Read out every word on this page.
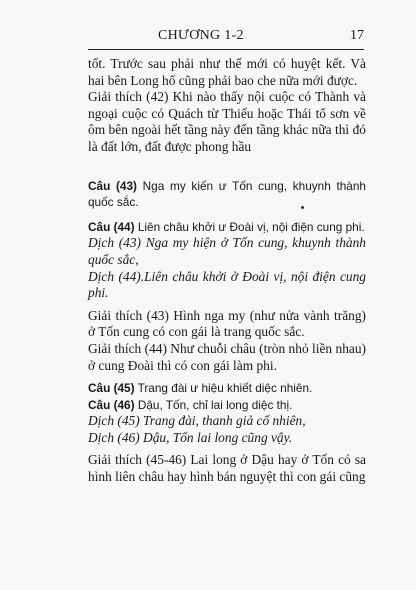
CHƯƠNG 1-2	17

tốt. Trước sau phải như thế mới có huyệt kết. Và hai bên Long hổ cũng phải bao che nữa mới được.

Giải thích (42) Khi nào thấy nội cuộc có Thành và ngoại cuộc có Quách từ Thiếu hoặc Thái tổ sơn về ôm bên ngoài hết tầng này đến tầng khác nữa thì đó là đất lớn, đất được phong hầu

Câu (43) Nga my kiến ư Tốn cung, khuynh thành quốc sắc.

Câu (44) Liên châu khởi ư Đoài vị, nội điện cung phi.

Dịch (43) Nga my hiện ở Tốn cung, khuynh thành quốc sắc,

Dịch (44).Liên châu khởi ở Đoài vị, nội điện cung phi.

Giải thích (43) Hình nga my (như nửa vành trăng) ở Tốn cung có con gái là trang quốc sắc.

Giải thích (44) Như chuỗi châu (tròn nhỏ liền nhau) ở cung Đoài thì có con gái làm phi.

Câu (45) Trang đài ư hiệu khiết diệc nhiên.

Câu (46) Dậu, Tốn, chỉ lai long diệc thị.

Dịch (45) Trang đài, thanh giả cố nhiên,

Dịch (46) Dậu, Tốn lai long cũng vậy.

Giải thích (45-46) Lai long ở Dậu hay ở Tốn có sa hình liên châu hay hình bán nguyệt thì con gái cũng
